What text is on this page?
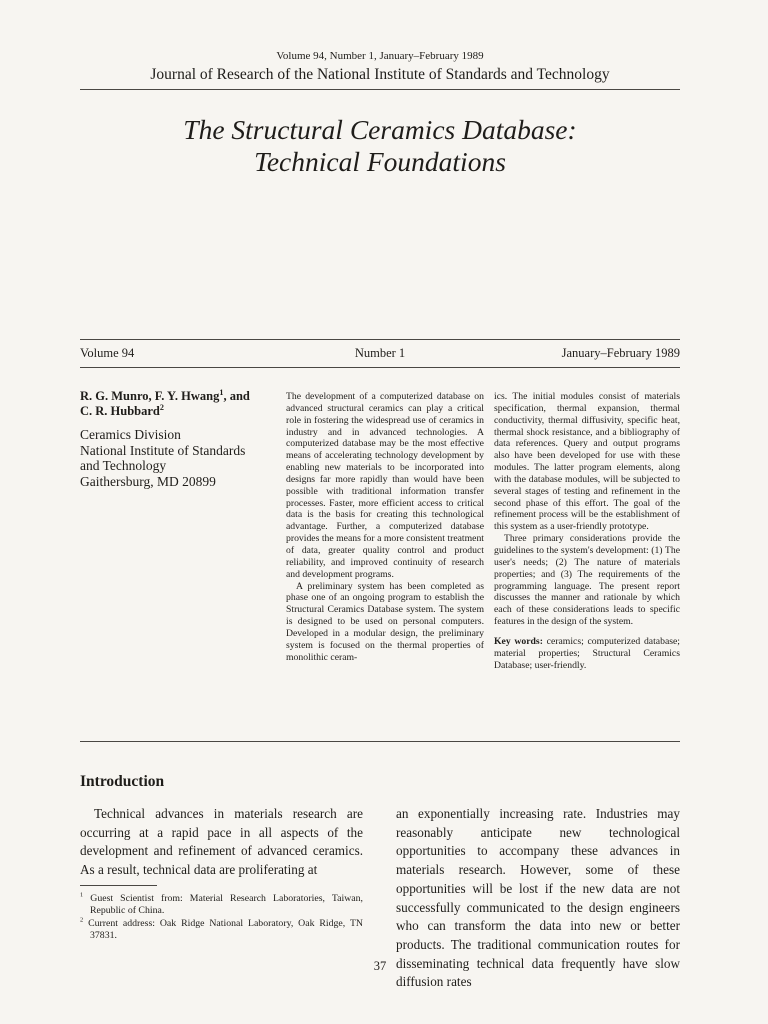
Volume 94, Number 1, January–February 1989
Journal of Research of the National Institute of Standards and Technology
The Structural Ceramics Database:
Technical Foundations
Volume 94	Number 1	January–February 1989
R. G. Munro, F. Y. Hwang$^1$, and
C. R. Hubbard$^2$
Ceramics Division
National Institute of Standards
and Technology
Gaithersburg, MD 20899

The development of a computerized database on advanced structural ceramics can play a critical role in fostering the widespread use of ceramics in industry and in advanced technologies. A computerized database may be the most effective means of accelerating technology development by enabling new materials to be incorporated into designs far more rapidly than would have been possible with traditional information transfer processes. Faster, more efficient access to critical data is the basis for creating this technological advantage. Further, a computerized database provides the means for a more consistent treatment of data, greater quality control and product reliability, and improved continuity of research and development programs.

A preliminary system has been completed as phase one of an ongoing program to establish the Structural Ceramics Database system. The system is designed to be used on personal computers. Developed in a modular design, the preliminary system is focused on the thermal properties of monolithic ceram-

ics. The initial modules consist of materials specification, thermal expansion, thermal conductivity, thermal diffusivity, specific heat, thermal shock resistance, and a bibliography of data references. Query and output programs also have been developed for use with these modules. The latter program elements, along with the database modules, will be subjected to several stages of testing and refinement in the second phase of this effort. The goal of the refinement process will be the establishment of this system as a user-friendly prototype.

Three primary considerations provide the guidelines to the system's development: (1) The user's needs; (2) The nature of materials properties; and (3) The requirements of the programming language. The present report discusses the manner and rationale by which each of these considerations leads to specific features in the design of the system.

Key words: ceramics; computerized database; material properties; Structural Ceramics Database; user-friendly.

Introduction

Technical advances in materials research are occurring at a rapid pace in all aspects of the development and refinement of advanced ceramics. As a result, technical data are proliferating at

an exponentially increasing rate. Industries may reasonably anticipate new technological opportunities to accompany these advances in materials research. However, some of these opportunities will be lost if the new data are not successfully communicated to the design engineers who can transform the data into new or better products. The traditional communication routes for disseminating technical data frequently have slow diffusion rates

$^1$ Guest Scientist from: Material Research Laboratories, Taiwan, Republic of China.

$^2$ Current address: Oak Ridge National Laboratory, Oak Ridge, TN 37831.

37
